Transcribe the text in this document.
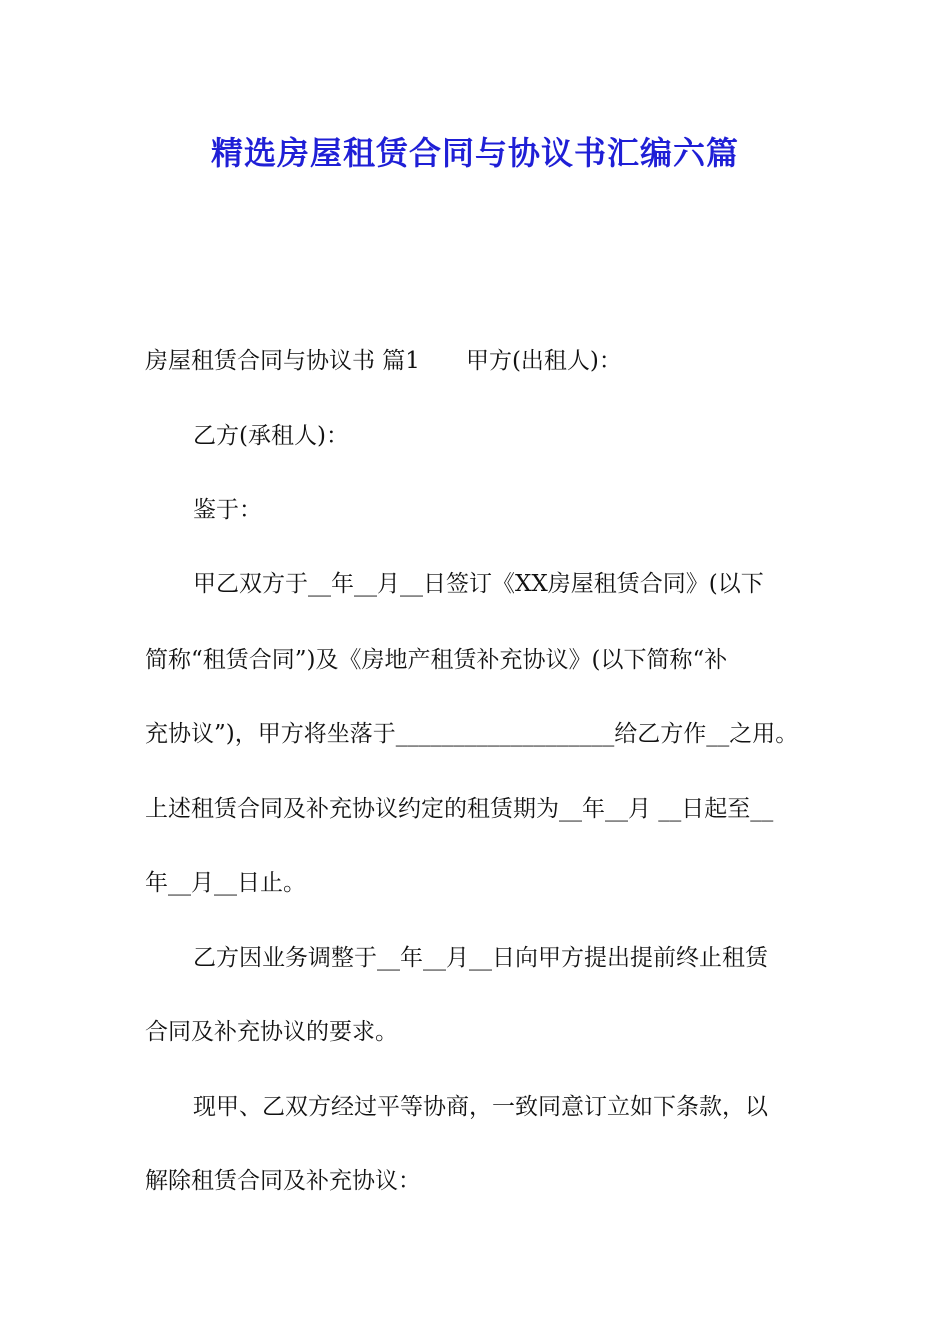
精选房屋租赁合同与协议书汇编六篇
房屋租赁合同与协议书 篇1 甲方(出租人)：
乙方(承租人)：
鉴于：
甲乙双方于__年__月__日签订《XX房屋租赁合同》(以下
简称“租赁合同”)及《房地产租赁补充协议》(以下简称“补
充协议”)，甲方将坐落于___________________给乙方作__之用。
上述租赁合同及补充协议约定的租赁期为__年__月 __日起至__
年__月__日止。
乙方因业务调整于__年__月__日向甲方提出提前终止租赁
合同及补充协议的要求。
现甲、乙双方经过平等协商，一致同意订立如下条款，以
解除租赁合同及补充协议：
